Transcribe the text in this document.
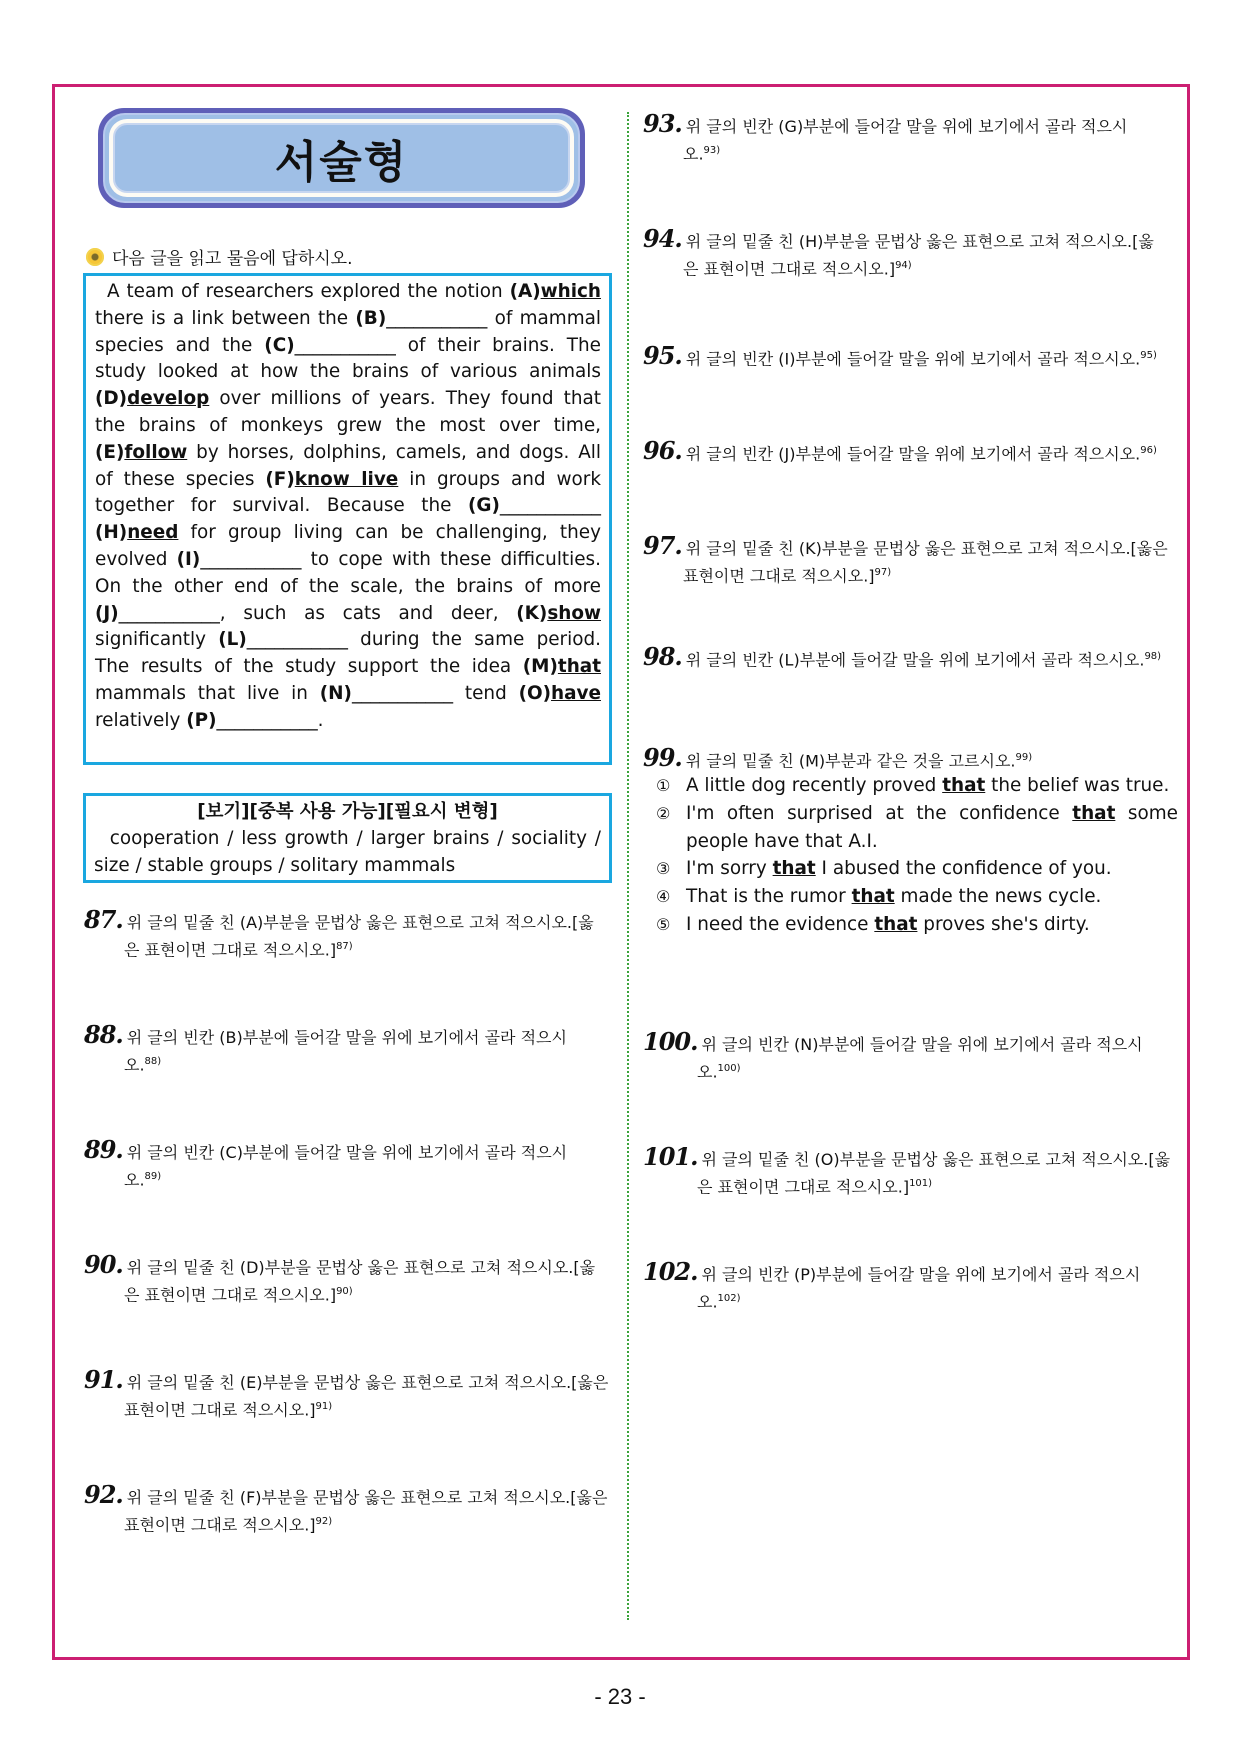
서술형
다음 글을 읽고 물음에 답하시오.
A team of researchers explored the notion (A)which there is a link between the (B)___________ of mammal species and the (C)___________ of their brains. The study looked at how the brains of various animals (D)develop over millions of years. They found that the brains of monkeys grew the most over time, (E)follow by horses, dolphins, camels, and dogs. All of these species (F)know live in groups and work together for survival. Because the (G)___________ (H)need for group living can be challenging, they evolved (I)___________ to cope with these difficulties. On the other end of the scale, the brains of more (J)___________, such as cats and deer, (K)show significantly (L)___________ during the same period. The results of the study support the idea (M)that mammals that live in (N)___________ tend (O)have relatively (P)___________.
[보기][중복 사용 가능][필요시 변형]
cooperation / less growth / larger brains / sociality / size / stable groups / solitary mammals
87. 위 글의 밑줄 친 (A)부분을 문법상 옳은 표현으로 고쳐 적으시오.[옳
은 표현이면 그대로 적으시오.]$^{87)}$
88. 위 글의 빈칸 (B)부분에 들어갈 말을 위에 보기에서 골라 적으시
오.$^{88)}$
89. 위 글의 빈칸 (C)부분에 들어갈 말을 위에 보기에서 골라 적으시
오.$^{89)}$
90. 위 글의 밑줄 친 (D)부분을 문법상 옳은 표현으로 고쳐 적으시오.[옳
은 표현이면 그대로 적으시오.]$^{90)}$
91. 위 글의 밑줄 친 (E)부분을 문법상 옳은 표현으로 고쳐 적으시오.[옳은
표현이면 그대로 적으시오.]$^{91)}$
92. 위 글의 밑줄 친 (F)부분을 문법상 옳은 표현으로 고쳐 적으시오.[옳은
표현이면 그대로 적으시오.]$^{92)}$
93. 위 글의 빈칸 (G)부분에 들어갈 말을 위에 보기에서 골라 적으시
오.$^{93)}$
94. 위 글의 밑줄 친 (H)부분을 문법상 옳은 표현으로 고쳐 적으시오.[옳
은 표현이면 그대로 적으시오.]$^{94)}$
95. 위 글의 빈칸 (I)부분에 들어갈 말을 위에 보기에서 골라 적으시오.$^{95)}$
96. 위 글의 빈칸 (J)부분에 들어갈 말을 위에 보기에서 골라 적으시오.$^{96)}$
97. 위 글의 밑줄 친 (K)부분을 문법상 옳은 표현으로 고쳐 적으시오.[옳은
표현이면 그대로 적으시오.]$^{97)}$
98. 위 글의 빈칸 (L)부분에 들어갈 말을 위에 보기에서 골라 적으시오.$^{98)}$
99. 위 글의 밑줄 친 (M)부분과 같은 것을 고르시오.$^{99)}$
① A little dog recently proved that the belief was true.
② I'm often surprised at the confidence that some people have that A.I.
③ I'm sorry that I abused the confidence of you.
④ That is the rumor that made the news cycle.
⑤ I need the evidence that proves she's dirty.
100. 위 글의 빈칸 (N)부분에 들어갈 말을 위에 보기에서 골라 적으시
오.$^{100)}$
101. 위 글의 밑줄 친 (O)부분을 문법상 옳은 표현으로 고쳐 적으시오.[옳
은 표현이면 그대로 적으시오.]$^{101)}$
102. 위 글의 빈칸 (P)부분에 들어갈 말을 위에 보기에서 골라 적으시
오.$^{102)}$
- 23 -
